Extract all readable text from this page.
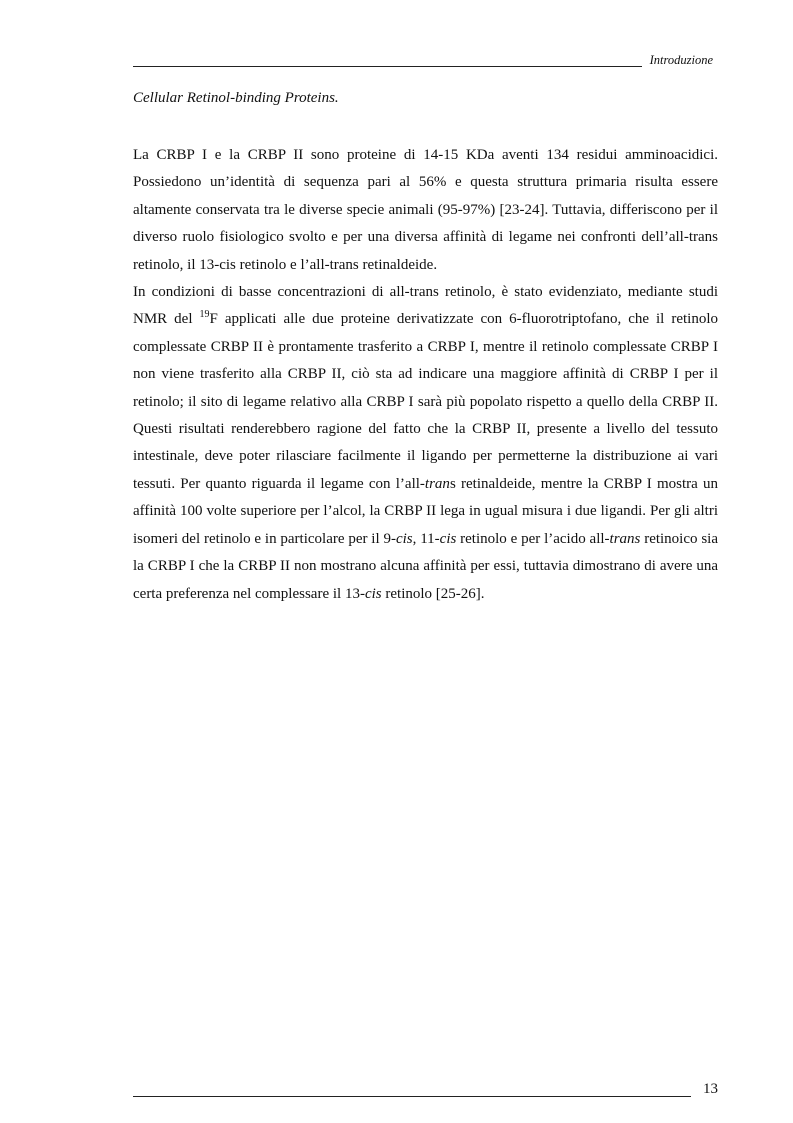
Introduzione
Cellular Retinol-binding Proteins.

La CRBP I e la CRBP II sono proteine di 14-15 KDa aventi 134 residui amminoacidici. Possiedono un’identità di sequenza pari al 56% e questa struttura primaria risulta essere altamente conservata tra le diverse specie animali (95-97%) [23-24]. Tuttavia, differiscono per il diverso ruolo fisiologico svolto e per una diversa affinità di legame nei confronti dell’all-trans retinolo, il 13-cis retinolo e l’all-trans retinaldeide.

In condizioni di basse concentrazioni di all-trans retinolo, è stato evidenziato, mediante studi NMR del $^{19}$F applicati alle due proteine derivatizzate con 6-fluorotriptofano, che il retinolo complessate CRBP II è prontamente trasferito a CRBP I, mentre il retinolo complessate CRBP I non viene trasferito alla CRBP II, ciò sta ad indicare una maggiore affinità di CRBP I per il retinolo; il sito di legame relativo alla CRBP I sarà più popolato rispetto a quello della CRBP II. Questi risultati renderebbero ragione del fatto che la CRBP II, presente a livello del tessuto intestinale, deve poter rilasciare facilmente il ligando per permetterne la distribuzione ai vari tessuti. Per quanto riguarda il legame con l’all-trans retinaldeide, mentre la CRBP I mostra un affinità 100 volte superiore per l’alcol, la CRBP II lega in ugual misura i due ligandi. Per gli altri isomeri del retinolo e in particolare per il 9-cis, 11-cis retinolo e per l’acido all-trans retinoico sia la CRBP I che la CRBP II non mostrano alcuna affinità per essi, tuttavia dimostrano di avere una certa preferenza nel complessare il 13-cis retinolo [25-26].

13
